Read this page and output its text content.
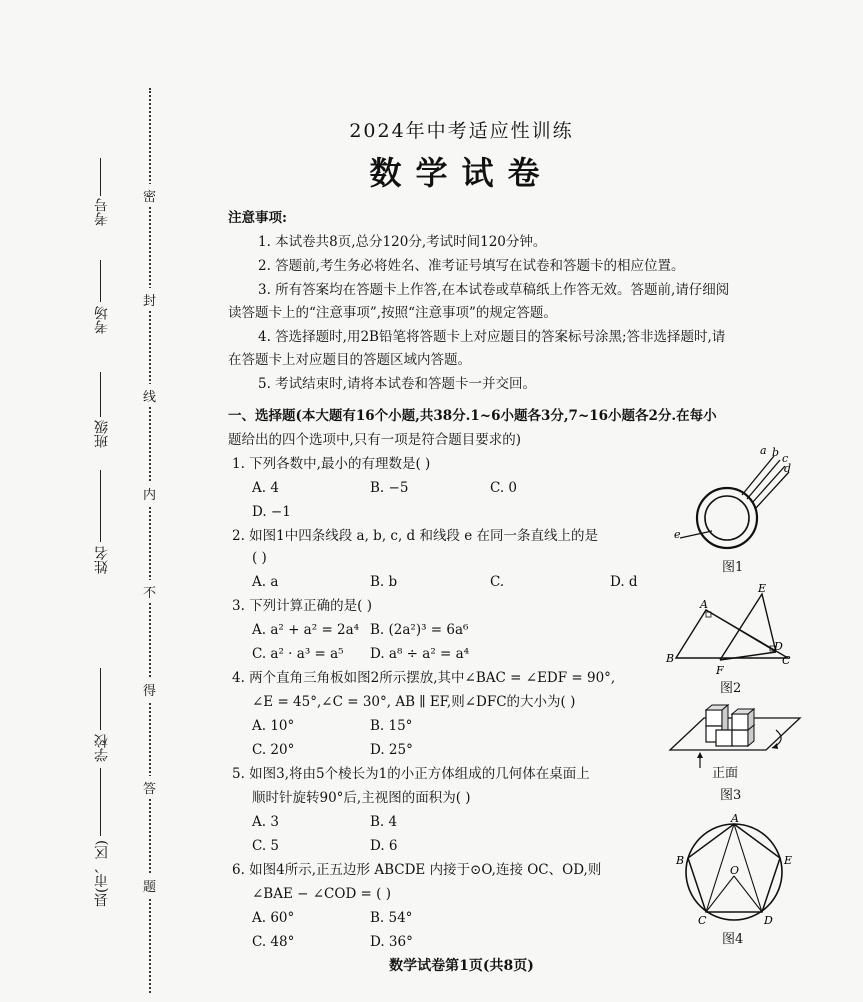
考号
考场
班级
姓名
学校
县(市、区)
密
封
线
内
不
得
答
题
2024年中考适应性训练
数学试卷
注意事项:
1. 本试卷共8页,总分120分,考试时间120分钟。
2. 答题前,考生务必将姓名、准考证号填写在试卷和答题卡的相应位置。
3. 所有答案均在答题卡上作答,在本试卷或草稿纸上作答无效。答题前,请仔细阅
读答题卡上的“注意事项”,按照“注意事项”的规定答题。
4. 答选择题时,用2B铅笔将答题卡上对应题目的答案标号涂黑;答非选择题时,请
在答题卡上对应题目的答题区域内答题。
5. 考试结束时,请将本试卷和答题卡一并交回。
一、选择题(本大题有16个小题,共38分.1~6小题各3分,7~16小题各2分.在每小
题给出的四个选项中,只有一项是符合题目要求的)
1. 下列各数中,最小的有理数是( )
A. 4	B. −5	C. 0
D. −1
2. 如图1中四条线段 a, b, c, d 和线段 e 在同一条直线上的是
( )
A. a	B. b	C.	D. d
3. 下列计算正确的是( )
A. a² + a² = 2a⁴ B. (2a²)³ = 6a⁶
C. a² · a³ = a⁵ D. a⁸ ÷ a² = a⁴
4. 两个直角三角板如图2所示摆放,其中∠BAC = ∠EDF = 90°,
∠E = 45°,∠C = 30°, AB ∥ EF,则∠DFC的大小为( )
A. 10°	B. 15°
C. 20°	D. 25°
5. 如图3,将由5个棱长为1的小正方体组成的几何体在桌面上
顺时针旋转90°后,主视图的面积为( )
A. 3	B. 4
C. 5	D. 6
6. 如图4所示,正五边形 ABCDE 内接于⊙O,连接 OC、OD,则
∠BAE − ∠COD = ( )
A. 60°	B. 54°
C. 48°	D. 36°
a b c
d
e
图1
A
E
B
F
D
C
图2
正面
图3
A
B	E
O
C	D
图4
数学试卷第1页(共8页)
